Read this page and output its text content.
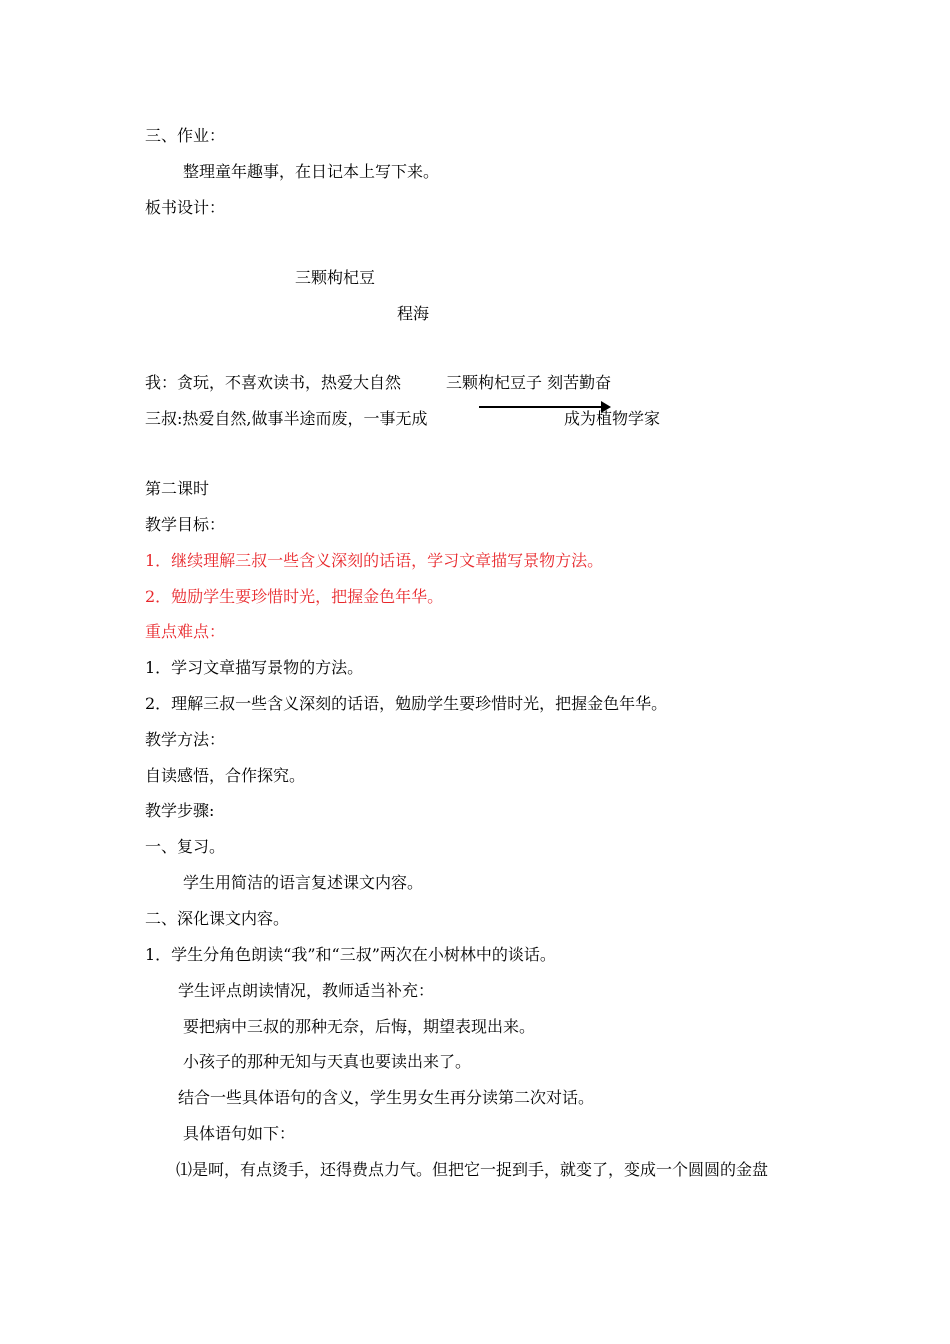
三、作业：
整理童年趣事，在日记本上写下来。
板书设计：
三颗枸杞豆
程海
我：贪玩，不喜欢读书，热爱大自然	三颗枸杞豆子 刻苦勤奋
三叔:热爱自然,做事半途而废，一事无成	成为植物学家
第二课时
教学目标：
1．继续理解三叔一些含义深刻的话语，学习文章描写景物方法。
2．勉励学生要珍惜时光，把握金色年华。
重点难点：
1．学习文章描写景物的方法。
2．理解三叔一些含义深刻的话语，勉励学生要珍惜时光，把握金色年华。
教学方法：
自读感悟，合作探究。
教学步骤:
一、复习。
学生用简洁的语言复述课文内容。
二、深化课文内容。
1．学生分角色朗读“我”和“三叔”两次在小树林中的谈话。
学生评点朗读情况，教师适当补充：
要把病中三叔的那种无奈，后悔，期望表现出来。
小孩子的那种无知与天真也要读出来了。
结合一些具体语句的含义，学生男女生再分读第二次对话。
具体语句如下：
⑴是呵，有点烫手，还得费点力气。但把它一捉到手，就变了，变成一个圆圆的金盘
